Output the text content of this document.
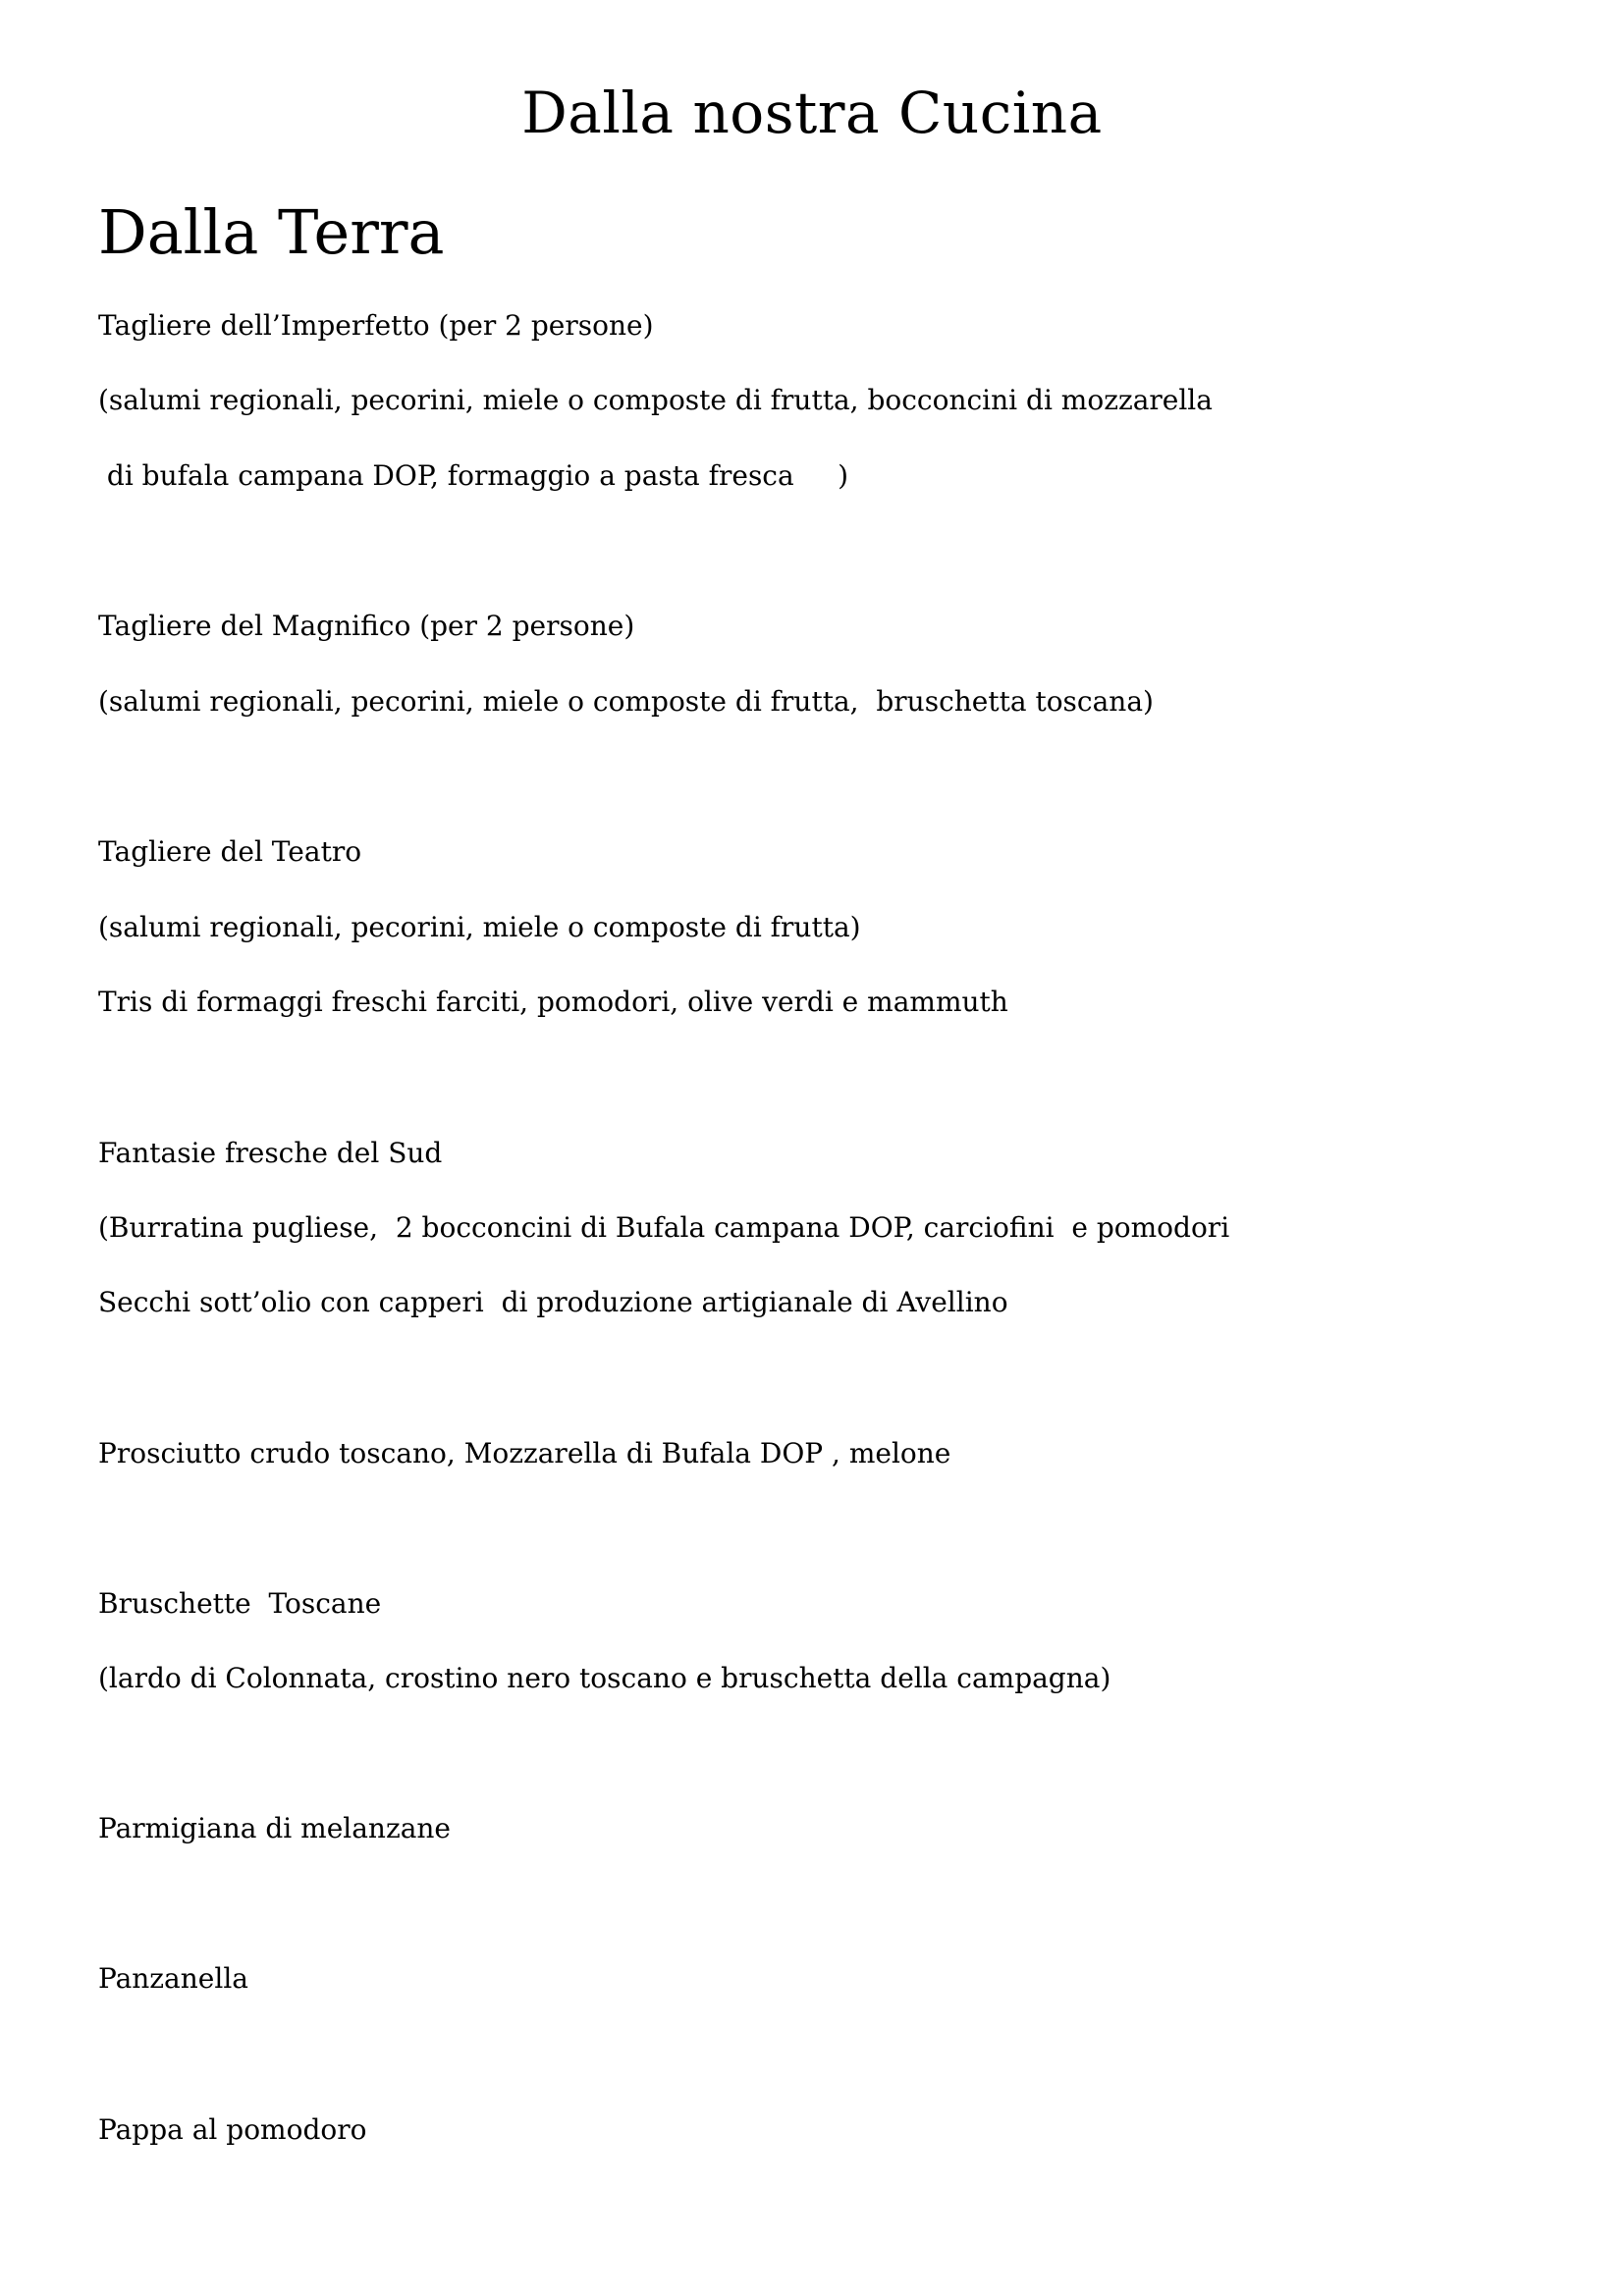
Dalla nostra Cucina
Dalla Terra
Tagliere dell’Imperfetto (per 2 persone)
(salumi regionali, pecorini, miele o composte di frutta, bocconcini di mozzarella
di bufala campana DOP, formaggio a pasta fresca     )
Tagliere del Magnifico (per 2 persone)
(salumi regionali, pecorini, miele o composte di frutta,  bruschetta toscana)
Tagliere del Teatro
(salumi regionali, pecorini, miele o composte di frutta)
Tris di formaggi freschi farciti, pomodori, olive verdi e mammuth
Fantasie fresche del Sud
(Burratina pugliese,  2 bocconcini di Bufala campana DOP, carciofini  e pomodori
Secchi sott’olio con capperi  di produzione artigianale di Avellino
Prosciutto crudo toscano, Mozzarella di Bufala DOP , melone
Bruschette  Toscane
(lardo di Colonnata, crostino nero toscano e bruschetta della campagna)
Parmigiana di melanzane
Panzanella
Pappa al pomodoro
